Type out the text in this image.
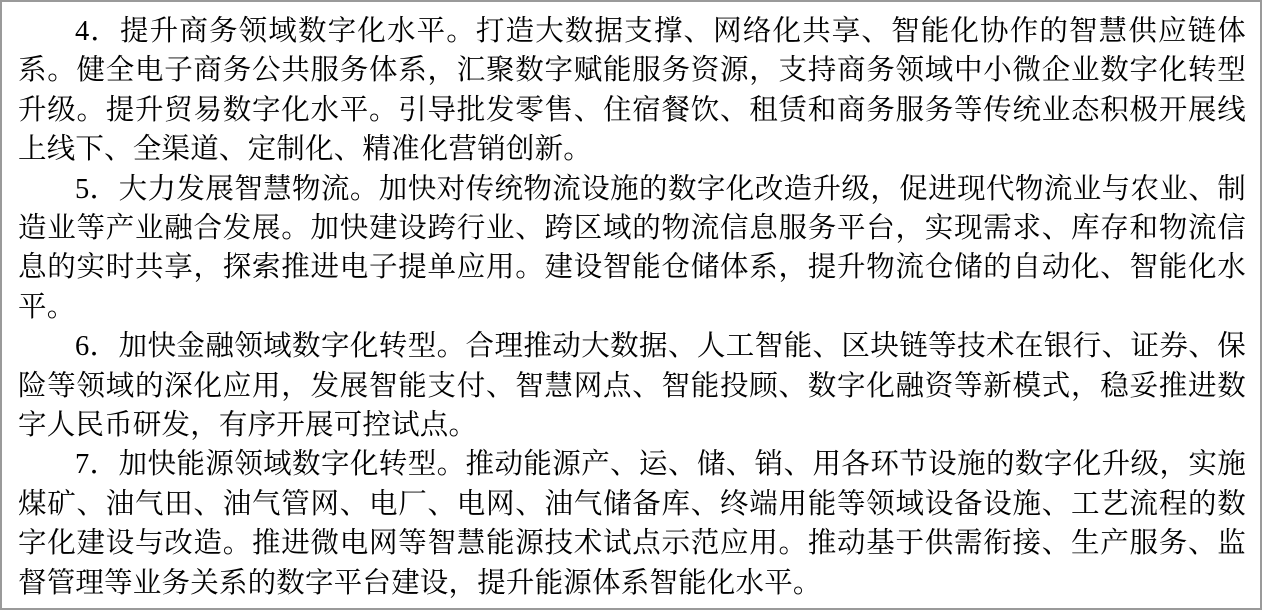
4．提升商务领域数字化水平。打造大数据支撑、网络化共享、智能化协作的智慧供应链体系。健全电子商务公共服务体系，汇聚数字赋能服务资源，支持商务领域中小微企业数字化转型升级。提升贸易数字化水平。引导批发零售、住宿餐饮、租赁和商务服务等传统业态积极开展线上线下、全渠道、定制化、精准化营销创新。

5．大力发展智慧物流。加快对传统物流设施的数字化改造升级，促进现代物流业与农业、制造业等产业融合发展。加快建设跨行业、跨区域的物流信息服务平台，实现需求、库存和物流信息的实时共享，探索推进电子提单应用。建设智能仓储体系，提升物流仓储的自动化、智能化水平。

6．加快金融领域数字化转型。合理推动大数据、人工智能、区块链等技术在银行、证券、保险等领域的深化应用，发展智能支付、智慧网点、智能投顾、数字化融资等新模式，稳妥推进数字人民币研发，有序开展可控试点。

7．加快能源领域数字化转型。推动能源产、运、储、销、用各环节设施的数字化升级，实施煤矿、油气田、油气管网、电厂、电网、油气储备库、终端用能等领域设备设施、工艺流程的数字化建设与改造。推进微电网等智慧能源技术试点示范应用。推动基于供需衔接、生产服务、监督管理等业务关系的数字平台建设，提升能源体系智能化水平。
